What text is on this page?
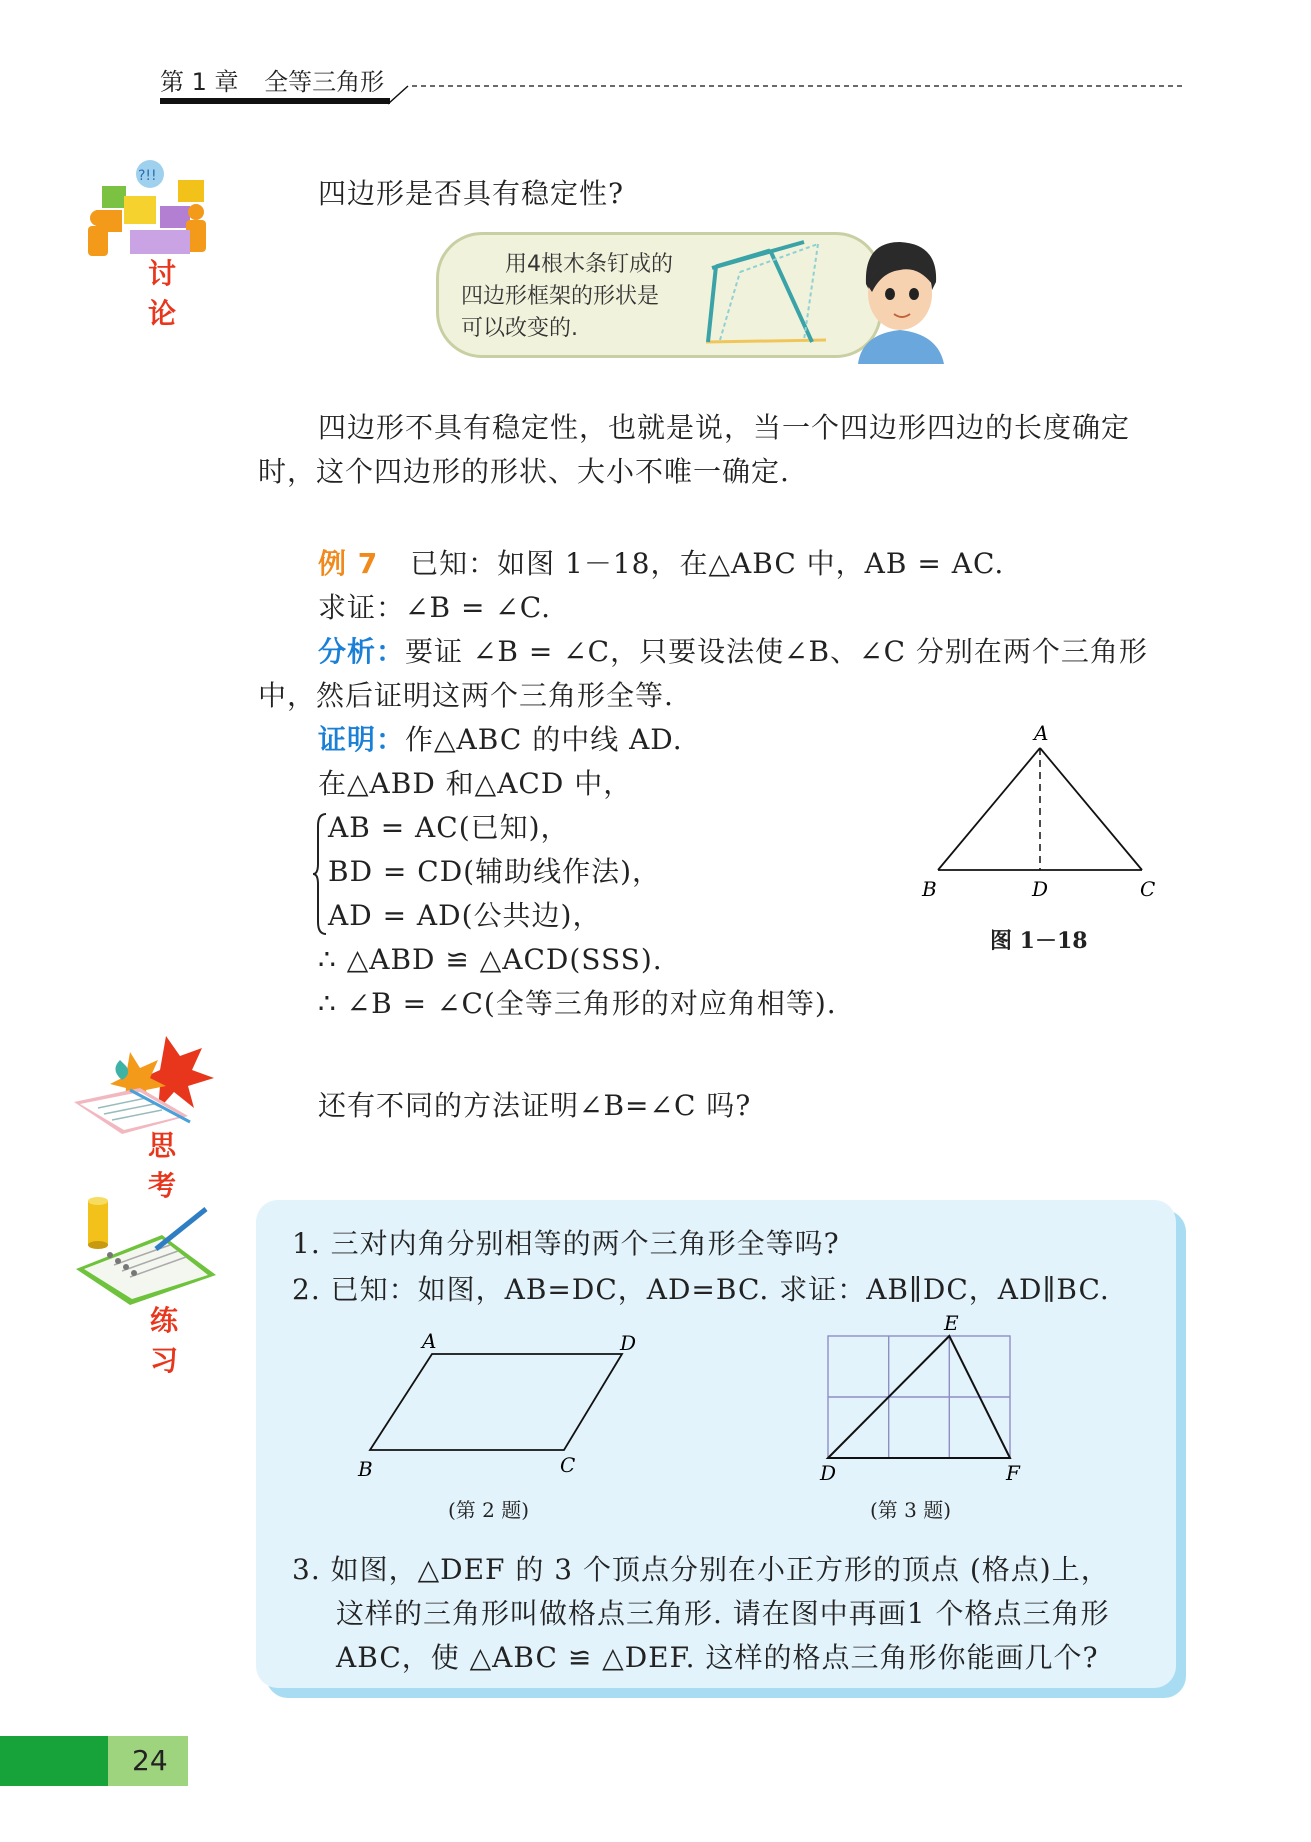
第 1 章 全等三角形
?!!
讨 论
四边形是否具有稳定性?
用4根木条钉成的
四边形框架的形状是
可以改变的.
四边形不具有稳定性，也就是说，当一个四边形四边的长度确定
时，这个四边形的形状、大小不唯一确定.
例 7 已知：如图 1－18，在△ABC 中，AB = AC.
求证：∠B = ∠C.
分析：要证 ∠B = ∠C，只要设法使∠B、∠C 分别在两个三角形
中，然后证明这两个三角形全等.
证明：作△ABC 的中线 AD.
在△ABD 和△ACD 中，
AB = AC(已知)，
BD = CD(辅助线作法)，
AD = AD(公共边)，
∴ △ABD ≌ △ACD(SSS).
∴ ∠B = ∠C(全等三角形的对应角相等).
A
B	D	C
图 1－18
思 考
还有不同的方法证明∠B=∠C 吗?
练 习
1. 三对内角分别相等的两个三角形全等吗?
2. 已知：如图，AB=DC，AD=BC. 求证：AB∥DC，AD∥BC.
A	D
B	C
(第 2 题)
E
D	F
(第 3 题)
3. 如图，△DEF 的 3 个顶点分别在小正方形的顶点 (格点)上，
这样的三角形叫做格点三角形. 请在图中再画1 个格点三角形
ABC，使 △ABC ≌ △DEF. 这样的格点三角形你能画几个?
24
